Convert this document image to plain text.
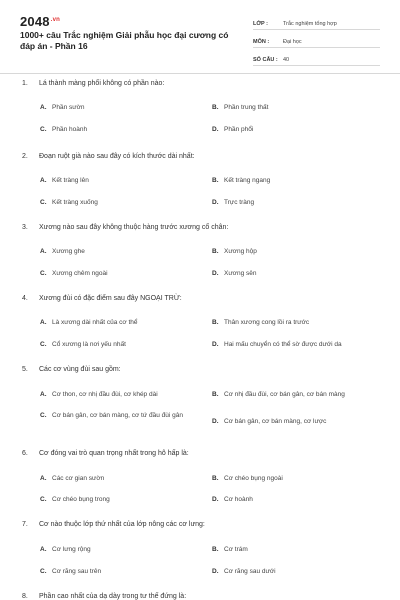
$2048^{.vn}$
1000+ câu Trắc nghiệm Giải phẫu học đại cương có đáp án - Phần 16
LỚP :	Trắc nghiệm tổng hợp
MÔN :	Đại học
SỐ CÂU : 40
1. Lá thành màng phổi không có phần nào:
A. Phần sườn	B. Phần trung thất
C. Phần hoành	D. Phần phổi
2. Đoạn ruột già nào sau đây có kích thước dài nhất:
A. Kết tràng lên	B. Kết tràng ngang
C. Kết tràng xuống	D. Trực tràng
3. Xương nào sau đây không thuộc hàng trước xương cổ chân:
A. Xương ghe	B. Xương hộp
C. Xương chêm ngoài	D. Xương sên
4. Xương đùi có đặc điểm sau đây NGOẠI TRỪ:
A. Là xương dài nhất của cơ thể	B. Thân xương cong lồi ra trước
C. Cổ xương là nơi yếu nhất	D. Hai mấu chuyển có thể sờ được dưới da
5. Các cơ vùng đùi sau gồm:
A. Cơ thon, cơ nhị đầu đùi, cơ khép dài	B. Cơ nhị đầu đùi, cơ bán gân, cơ bán màng
C. Cơ bán gân, cơ bán màng, cơ tứ đầu đùi gân
D. Cơ bán gân, cơ bán màng, cơ lược
6. Cơ đóng vai trò quan trọng nhất trong hô hấp là:
A. Các cơ gian sườn	B. Cơ chéo bụng ngoài
C. Cơ chéo bụng trong	D. Cơ hoành
7. Cơ nào thuộc lớp thứ nhất của lớp nông các cơ lưng:
A. Cơ lưng rộng	B. Cơ trám
C. Cơ răng sau trên	D. Cơ răng sau dưới
8. Phần cao nhất của dạ dày trong tư thế đứng là:
